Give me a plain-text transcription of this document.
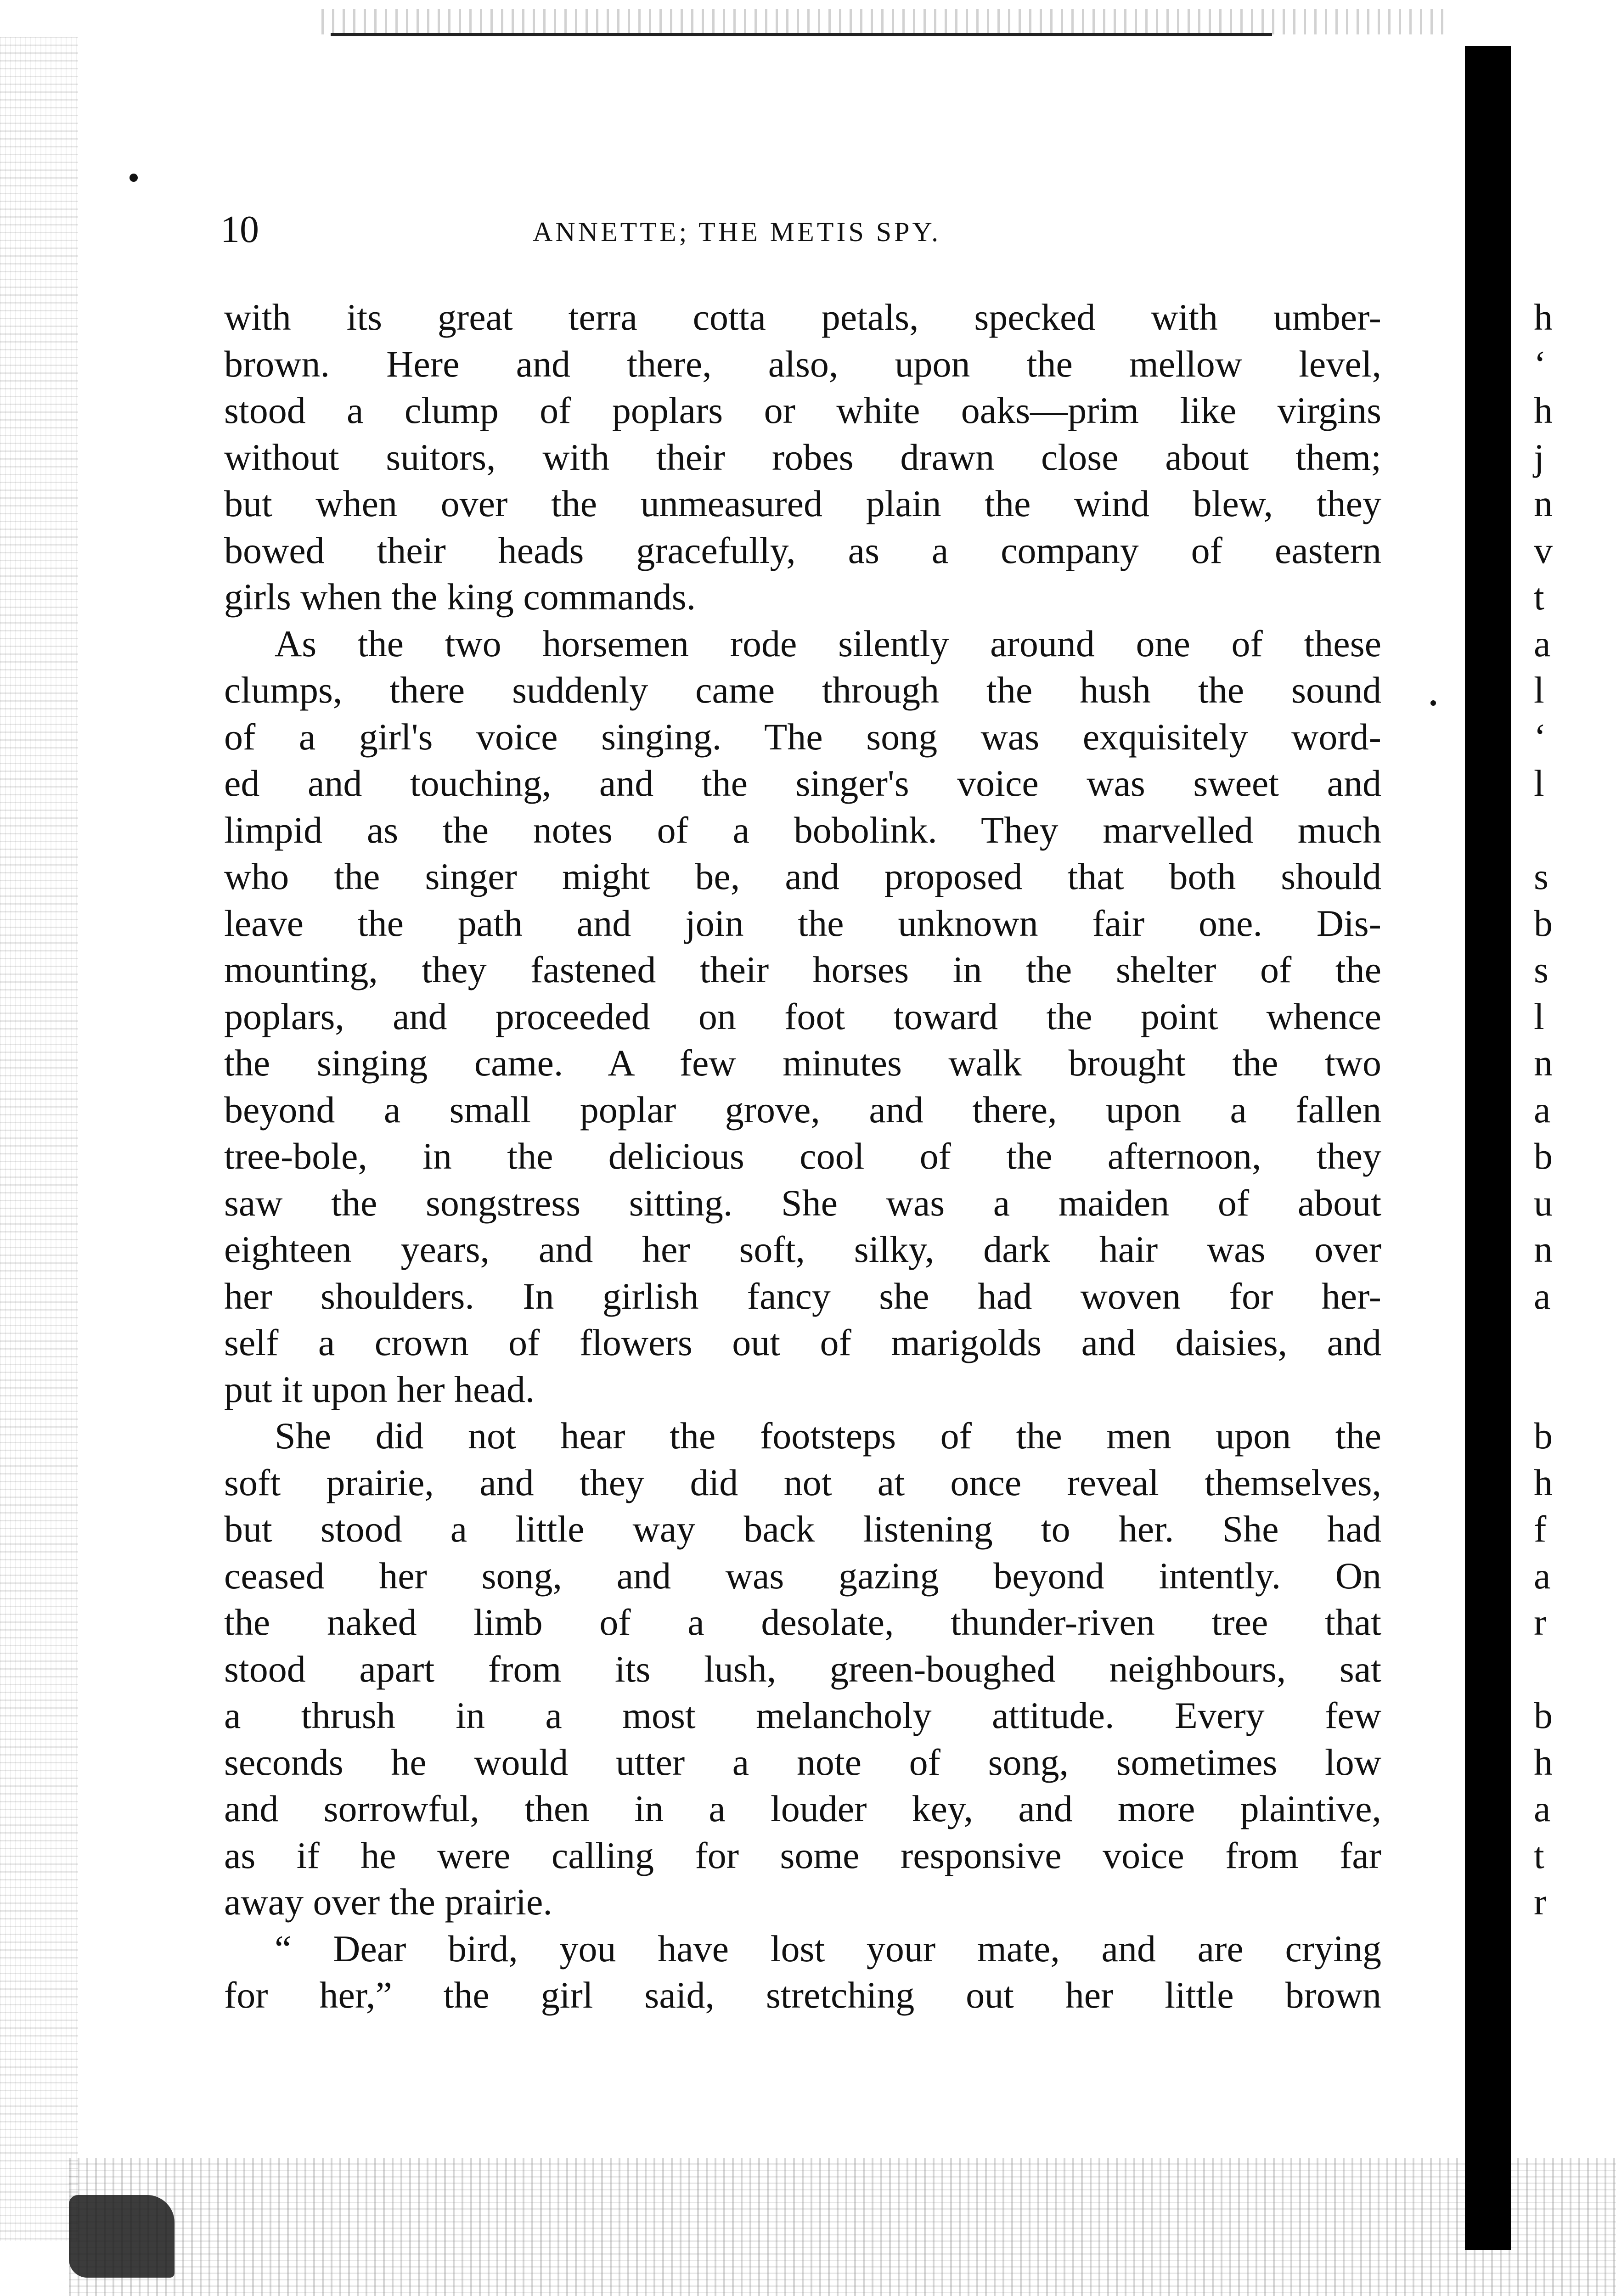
10	ANNETTE; THE METIS SPY.
with its great terra cotta petals, specked with umber-
brown. Here and there, also, upon the mellow level,
stood a clump of poplars or white oaks—prim like virgins
without suitors, with their robes drawn close about them;
but when over the unmeasured plain the wind blew, they
bowed their heads gracefully, as a company of eastern
girls when the king commands.
As the two horsemen rode silently around one of these
clumps, there suddenly came through the hush the sound
of a girl's voice singing. The song was exquisitely word-
ed and touching, and the singer's voice was sweet and
limpid as the notes of a bobolink. They marvelled much
who the singer might be, and proposed that both should
leave the path and join the unknown fair one. Dis-
mounting, they fastened their horses in the shelter of the
poplars, and proceeded on foot toward the point whence
the singing came. A few minutes walk brought the two
beyond a small poplar grove, and there, upon a fallen
tree-bole, in the delicious cool of the afternoon, they
saw the songstress sitting. She was a maiden of about
eighteen years, and her soft, silky, dark hair was over
her shoulders. In girlish fancy she had woven for her-
self a crown of flowers out of marigolds and daisies, and
put it upon her head.
She did not hear the footsteps of the men upon the
soft prairie, and they did not at once reveal themselves,
but stood a little way back listening to her. She had
ceased her song, and was gazing beyond intently. On
the naked limb of a desolate, thunder-riven tree that
stood apart from its lush, green-boughed neighbours, sat
a thrush in a most melancholy attitude. Every few
seconds he would utter a note of song, sometimes low
and sorrowful, then in a louder key, and more plaintive,
as if he were calling for some responsive voice from far
away over the prairie.
“ Dear bird, you have lost your mate, and are crying
for her,” the girl said, stretching out her little brown
h
‘
h
j
n
v
t
a
l
‘
l
s
b
s
l
n
a
b
u
n
a
b
h
f
a
r
b
h
a
t
r
